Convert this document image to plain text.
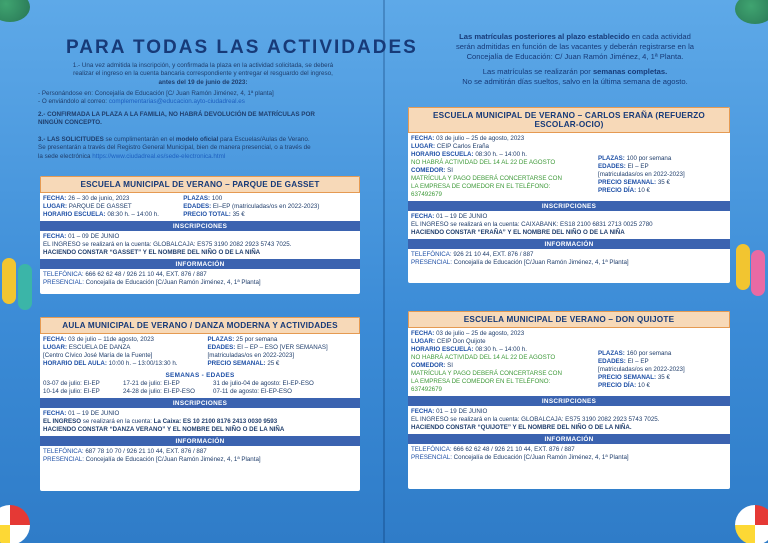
PARA TODAS LAS ACTIVIDADES
1.- Una vez admitida la inscripción, y confirmada la plaza en la actividad solicitada, se deberá
realizar el ingreso en la cuenta bancaria correspondiente y entregar el resguardo del ingreso,
antes del 19 de junio de 2023:
- Personándose en: Concejalía de Educación [C/ Juan Ramón Jiménez, 4, 1ª planta]
- O enviándolo al correo: complementarias@educacion.ayto-ciudadreal.es
2.- CONFIRMADA LA PLAZA A LA FAMILIA, NO HABRÁ DEVOLUCIÓN DE MATRÍCULAS POR
NINGÚN CONCEPTO.
3.- LAS SOLICITUDES se cumplimentarán en el modelo oficial para Escuelas/Aulas de Verano.
Se presentarán a través del Registro General Municipal, bien de manera presencial, o a través de
la sede electrónica https://www.ciudadreal.es/sede-electronica.html
ESCUELA MUNICIPAL DE VERANO – PARQUE DE GASSET
FECHA: 26 – 30 de junio, 2023
LUGAR: PARQUE DE GASSET
HORARIO ESCUELA: 08:30 h. – 14:00 h.
PLAZAS: 100
EDADES: EI–EP (matriculadas/os en 2022-2023)
PRECIO TOTAL: 35 €
INSCRIPCIONES
FECHA: 01 – 09 DE JUNIO
EL INGRESO se realizará en la cuenta: GLOBALCAJA: ES75 3190 2082 2923 5743 7025.
HACIENDO CONSTAR “GASSET” Y EL NOMBRE DEL NIÑO O DE LA NIÑA
INFORMACIÓN
TELEFÓNICA: 666 62 62 48 / 926 21 10 44, EXT. 876 / 887
PRESENCIAL: Concejalía de Educación [C/Juan Ramón Jiménez, 4, 1ª Planta]
AULA MUNICIPAL DE VERANO / DANZA MODERNA Y ACTIVIDADES
FECHA: 03 de julio – 11de agosto, 2023
LUGAR: ESCUELA DE DANZA
[Centro Cívico José María de la Fuente]
HORARIO DEL AULA: 10:00 h. – 13:00/13:30 h.
PLAZAS: 25 por semana
EDADES: EI – EP – ESO [VER SEMANAS]
[matriculadas/os en 2022-2023]
PRECIO SEMANAL: 25 €
SEMANAS - EDADES
03-07 de julio: EI-EP	17-21 de julio: EI-EP	31 de julio-04 de agosto: EI-EP-ESO
10-14 de julio: EI-EP	24-28 de julio: EI-EP-ESO	07-11 de agosto: EI-EP-ESO
INSCRIPCIONES
FECHA: 01 – 19 DE JUNIO
EL INGRESO se realizará en la cuenta: La Caixa: ES 10 2100 8176 2413 0030 9593
HACIENDO CONSTAR “DANZA VERANO” Y EL NOMBRE DEL NIÑO O DE LA NIÑA
INFORMACIÓN
TELEFÓNICA: 687 78 10 70 / 926 21 10 44, EXT. 876 / 887
PRESENCIAL: Concejalía de Educación [C/Juan Ramón Jiménez, 4, 1ª Planta]
Las matrículas posteriores al plazo establecido en cada actividad
serán admitidas en función de las vacantes y deberán registrarse en la
Concejalía de Educación: C/ Juan Ramón Jiménez, 4, 1ª Planta.
Las matrículas se realizarán por semanas completas.
No se admitirán días sueltos, salvo en la última semana de agosto.
ESCUELA MUNICIPAL DE VERANO – CARLOS ERAÑA (REFUERZO ESCOLAR-OCIO)
FECHA: 03 de julio – 25 de agosto, 2023
LUGAR: CEIP Carlos Eraña
HORARIO ESCUELA: 08:30 h. – 14:00 h.
NO HABRÁ ACTIVIDAD DEL 14 AL 22 DE AGOSTO
COMEDOR: SI
MATRÍCULA Y PAGO DEBERÁ CONCERTARSE CON
LA EMPRESA DE COMEDOR EN EL TELÉFONO:
637492679
PLAZAS: 100 por semana
EDADES: EI – EP
[matriculadas/os en 2022-2023]
PRECIO SEMANAL: 35 €
PRECIO DÍA: 10 €
INSCRIPCIONES
FECHA: 01 – 19 DE JUNIO
EL INGRESO se realizará en la cuenta: CAIXABANK: ES18 2100 6831 2713 0025 2780
HACIENDO CONSTAR “ERAÑA” Y EL NOMBRE DEL NIÑO O DE LA NIÑA
INFORMACIÓN
TELEFÓNICA: 926 21 10 44, EXT. 876 / 887
PRESENCIAL: Concejalía de Educación [C/Juan Ramón Jiménez, 4, 1ª Planta]
ESCUELA MUNICIPAL DE VERANO – DON QUIJOTE
FECHA: 03 de julio – 25 de agosto, 2023
LUGAR: CEIP Don Quijote
HORARIO ESCUELA: 08:30 h. – 14:00 h.
NO HABRÁ ACTIVIDAD DEL 14 AL 22 DE AGOSTO
COMEDOR: SI
MATRÍCULA Y PAGO DEBERÁ CONCERTARSE CON
LA EMPRESA DE COMEDOR EN EL TELÉFONO:
637492679
PLAZAS: 160 por semana
EDADES: EI – EP
[matriculadas/os en 2022-2023]
PRECIO SEMANAL: 35 €
PRECIO DÍA: 10 €
INSCRIPCIONES
FECHA: 01 – 19 DE JUNIO
EL INGRESO se realizará en la cuenta: GLOBALCAJA: ES75 3190 2082 2923 5743 7025.
HACIENDO CONSTAR “QUIJOTE” Y EL NOMBRE DEL NIÑO O DE LA NIÑA.
INFORMACIÓN
TELEFÓNICA: 666 62 62 48 / 926 21 10 44, EXT. 876 / 887
PRESENCIAL: Concejalía de Educación [C/Juan Ramón Jiménez, 4, 1ª Planta]
